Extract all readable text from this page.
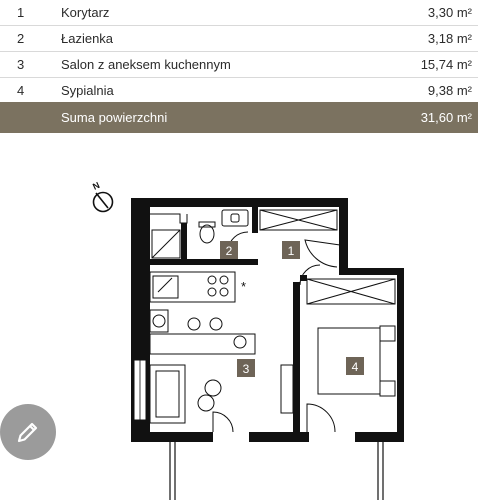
1	Korytarz	3,30 m²
2	Łazienka	3,18 m²
3	Salon z aneksem kuchennym	15,74 m²
4	Sypialnia	9,38 m²
Suma powierzchni	31,60 m²
N
*
2	1
3	4
